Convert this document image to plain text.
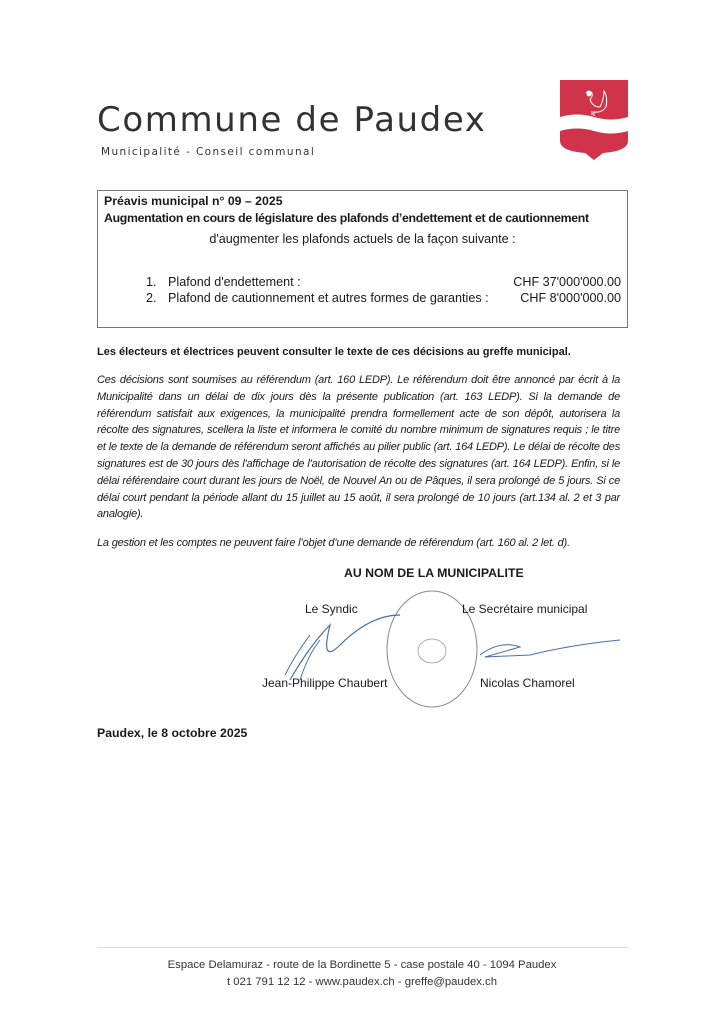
Commune de Paudex
Municipalité - Conseil communal
Préavis municipal n° 09 – 2025
Augmentation en cours de législature des plafonds d’endettement et de cautionnement
d'augmenter les plafonds actuels de la façon suivante :
1. Plafond d'endettement :	CHF 37'000'000.00
2. Plafond de cautionnement et autres formes de garanties :	CHF 8'000'000.00
Les électeurs et électrices peuvent consulter le texte de ces décisions au greffe municipal.
Ces décisions sont soumises au référendum (art. 160 LEDP). Le référendum doit être annoncé par écrit à la Municipalité dans un délai de dix jours dès la présente publication (art. 163 LEDP). Si la demande de référendum satisfait aux exigences, la municipalité prendra formellement acte de son dépôt, autorisera la récolte des signatures, scellera la liste et informera le comité du nombre minimum de signatures requis ; le titre et le texte de la demande de référendum seront affichés au pilier public (art. 164 LEDP). Le délai de récolte des signatures est de 30 jours dès l'affichage de l'autorisation de récolte des signatures (art. 164 LEDP). Enfin, si le délai référendaire court durant les jours de Noël, de Nouvel An ou de Pâques, il sera prolongé de 5 jours. Si ce délai court pendant la période allant du 15 juillet au 15 août, il sera prolongé de 10 jours (art.134 al. 2 et 3 par analogie).
La gestion et les comptes ne peuvent faire l’objet d’une demande de référendum (art. 160 al. 2 let. d).
AU NOM DE LA MUNICIPALITE
Le Syndic	Le Secrétaire municipal
Jean-Philippe Chaubert	Nicolas Chamorel
Paudex, le 8 octobre 2025
Espace Delamuraz - route de la Bordinette 5 - case postale 40 - 1094 Paudex
t 021 791 12 12 - www.paudex.ch - greffe@paudex.ch
